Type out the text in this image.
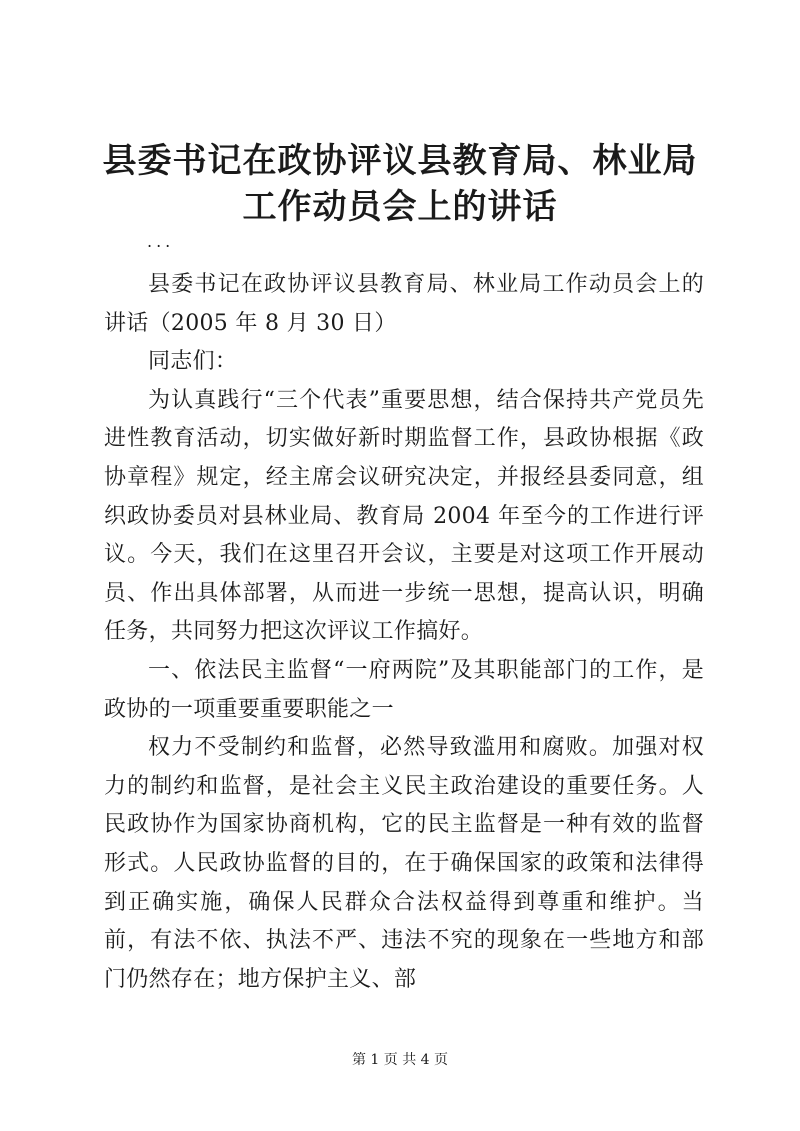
县委书记在政协评议县教育局、林业局工作动员会上的讲话
...

县委书记在政协评议县教育局、林业局工作动员会上的讲话（2005 年 8 月 30 日）

同志们：

为认真践行“三个代表”重要思想，结合保持共产党员先进性教育活动，切实做好新时期监督工作，县政协根据《政协章程》规定，经主席会议研究决定，并报经县委同意，组织政协委员对县林业局、教育局 2004 年至今的工作进行评议。今天，我们在这里召开会议，主要是对这项工作开展动员、作出具体部署，从而进一步统一思想，提高认识，明确任务，共同努力把这次评议工作搞好。

一、依法民主监督“一府两院”及其职能部门的工作，是政协的一项重要重要职能之一

权力不受制约和监督，必然导致滥用和腐败。加强对权力的制约和监督，是社会主义民主政治建设的重要任务。人民政协作为国家协商机构，它的民主监督是一种有效的监督形式。人民政协监督的目的，在于确保国家的政策和法律得到正确实施，确保人民群众合法权益得到尊重和维护。当前，有法不依、执法不严、违法不究的现象在一些地方和部门仍然存在；地方保护主义、部

第 1 页 共 4 页
